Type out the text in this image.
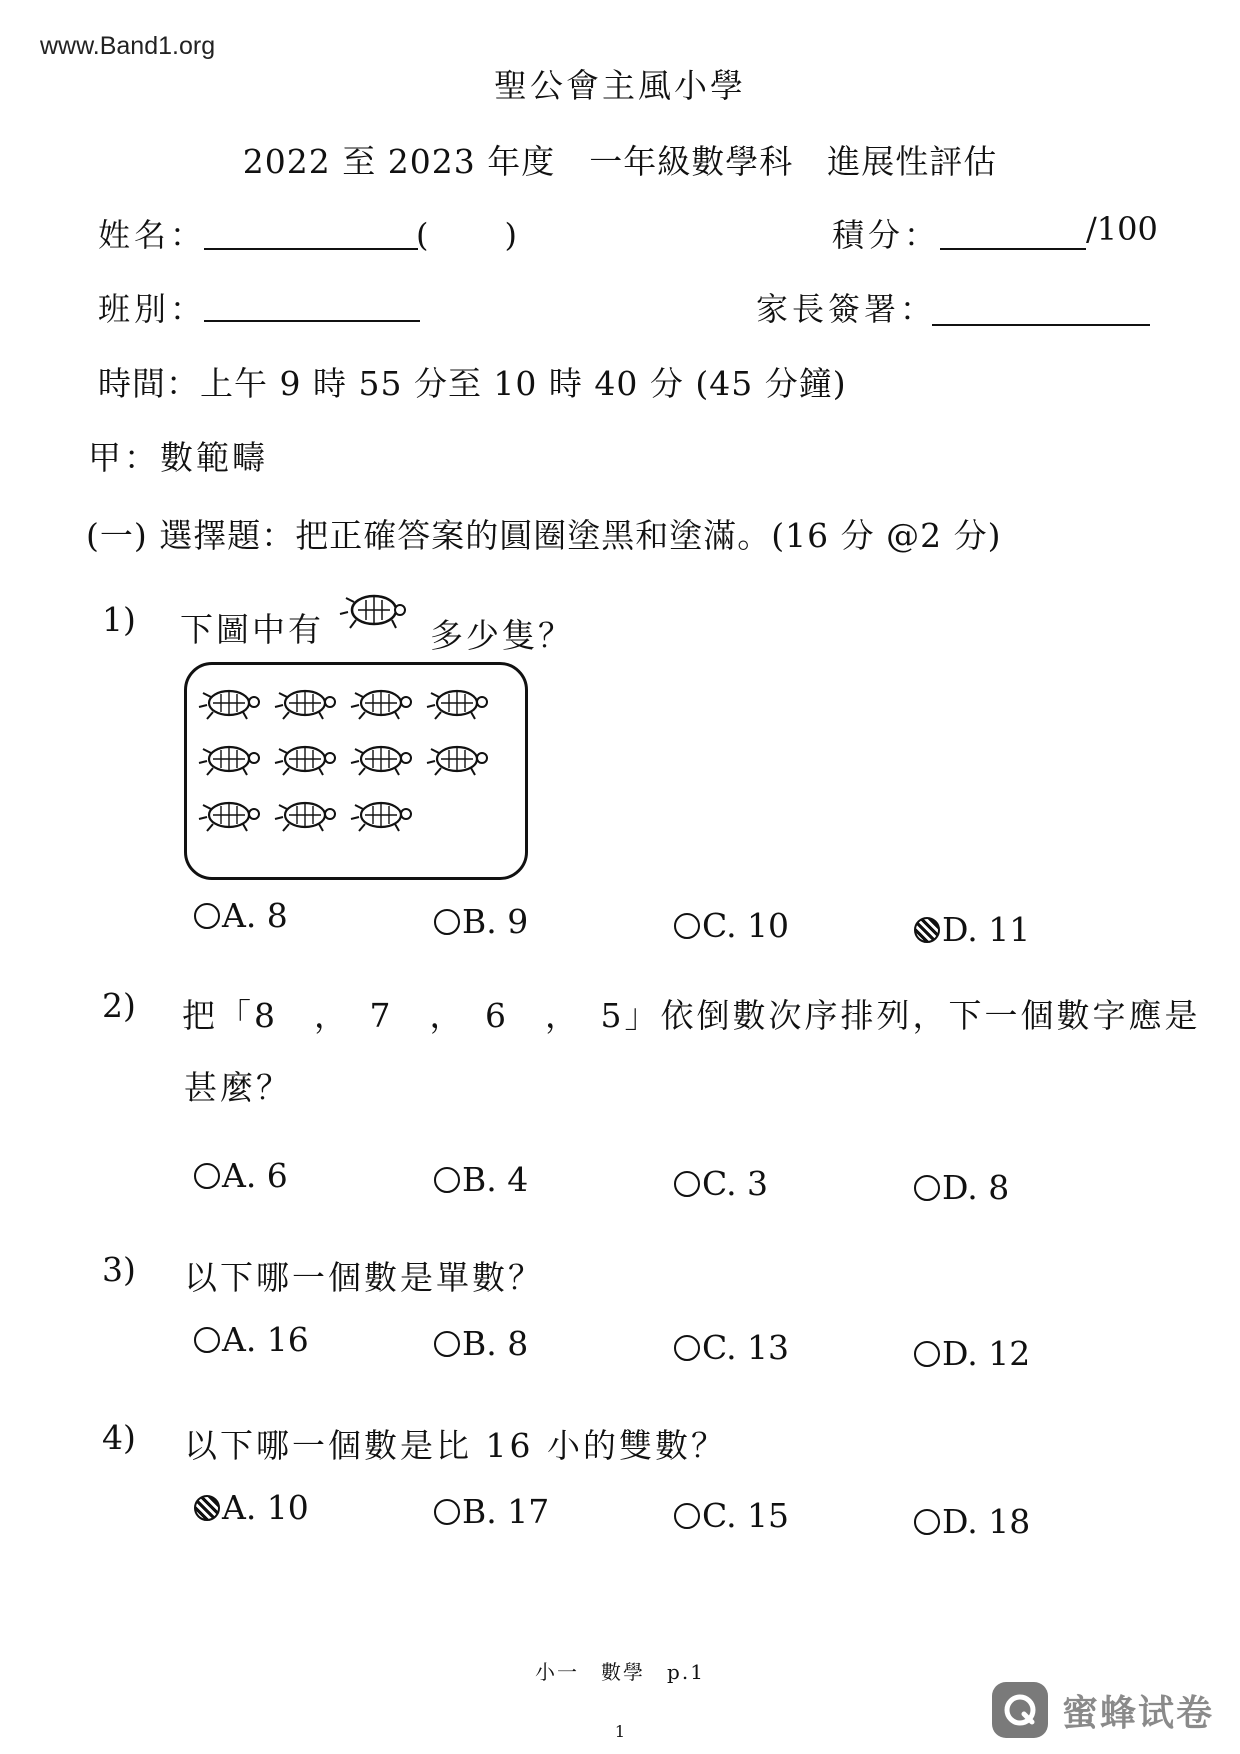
www.Band1.org
聖公會主風小學
2022 至 2023 年度　一年級數學科　進展性評估
姓名：	(　　)	積分：	/100
班別：	家長簽署：
時間：上午 9 時 55 分至 10 時 40 分 (45 分鐘)
甲：數範疇
(一) 選擇題：把正確答案的圓圈塗黑和塗滿。(16 分 @2 分)
1) 下圖中有	多少隻？
A. 8	B. 9	C. 10	D. 11
2) 把「8　，　7　，　6　，　5」依倒數次序排列，下一個數字應是
甚麼？
A. 6	B. 4	C. 3	D. 8
3) 以下哪一個數是單數？
A. 16	B. 8	C. 13	D. 12
4) 以下哪一個數是比 16 小的雙數？
A. 10	B. 17	C. 15	D. 18
小一　數學　p.1
1	蜜蜂试卷
